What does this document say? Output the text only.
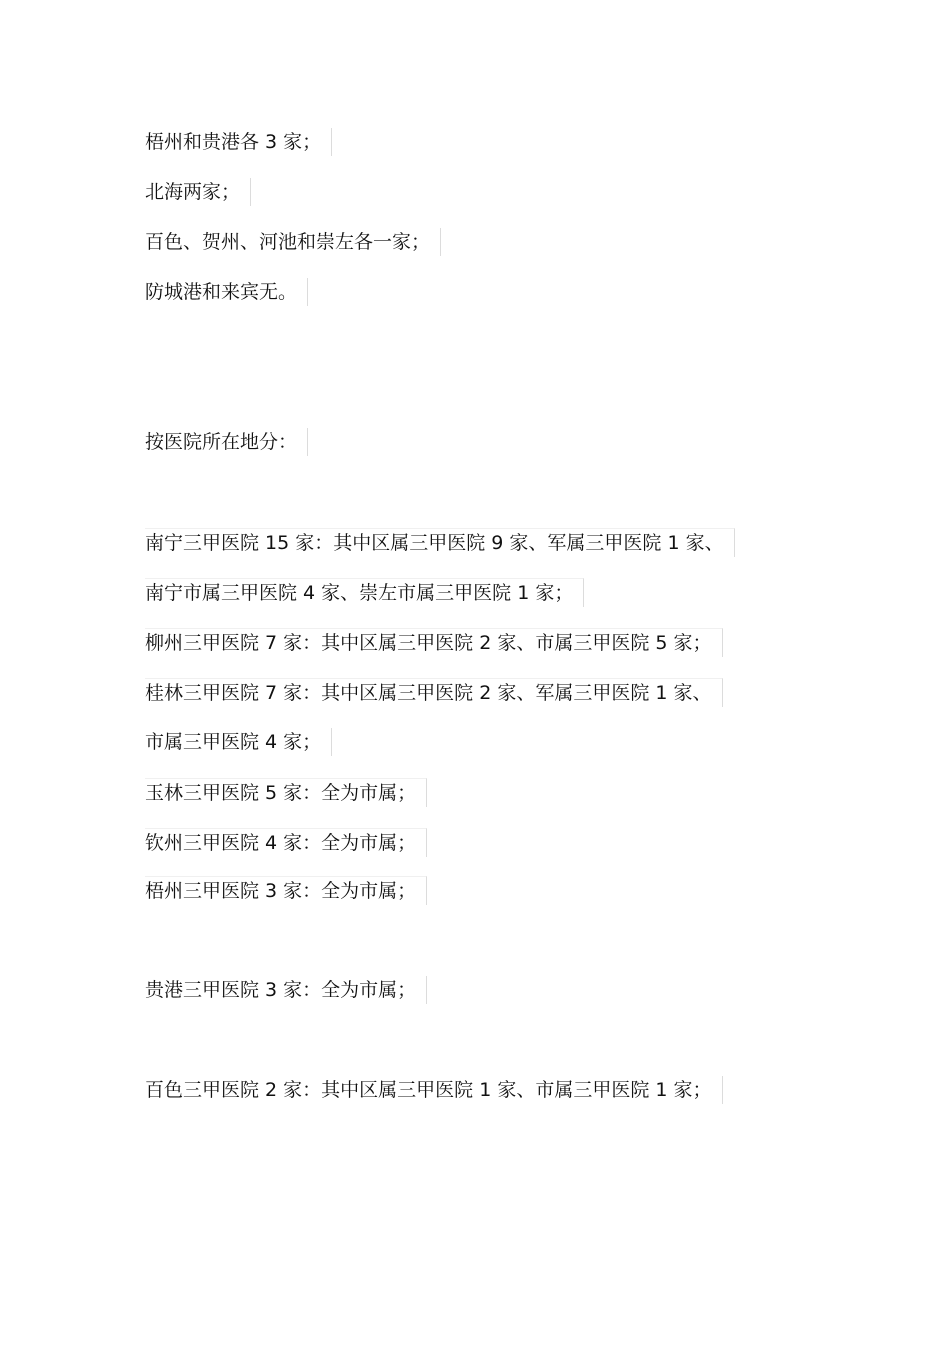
梧州和贵港各 3 家；
北海两家；
百色、贺州、河池和崇左各一家；
防城港和来宾无。
按医院所在地分：
南宁三甲医院 15 家：其中区属三甲医院 9 家、军属三甲医院 1 家、
南宁市属三甲医院 4 家、崇左市属三甲医院 1 家；
柳州三甲医院 7 家：其中区属三甲医院 2 家、市属三甲医院 5 家；
桂林三甲医院 7 家：其中区属三甲医院 2 家、军属三甲医院 1 家、
市属三甲医院 4 家；
玉林三甲医院 5 家：全为市属；
钦州三甲医院 4 家：全为市属；
梧州三甲医院 3 家：全为市属；
贵港三甲医院 3 家：全为市属；
百色三甲医院 2 家：其中区属三甲医院 1 家、市属三甲医院 1 家；
